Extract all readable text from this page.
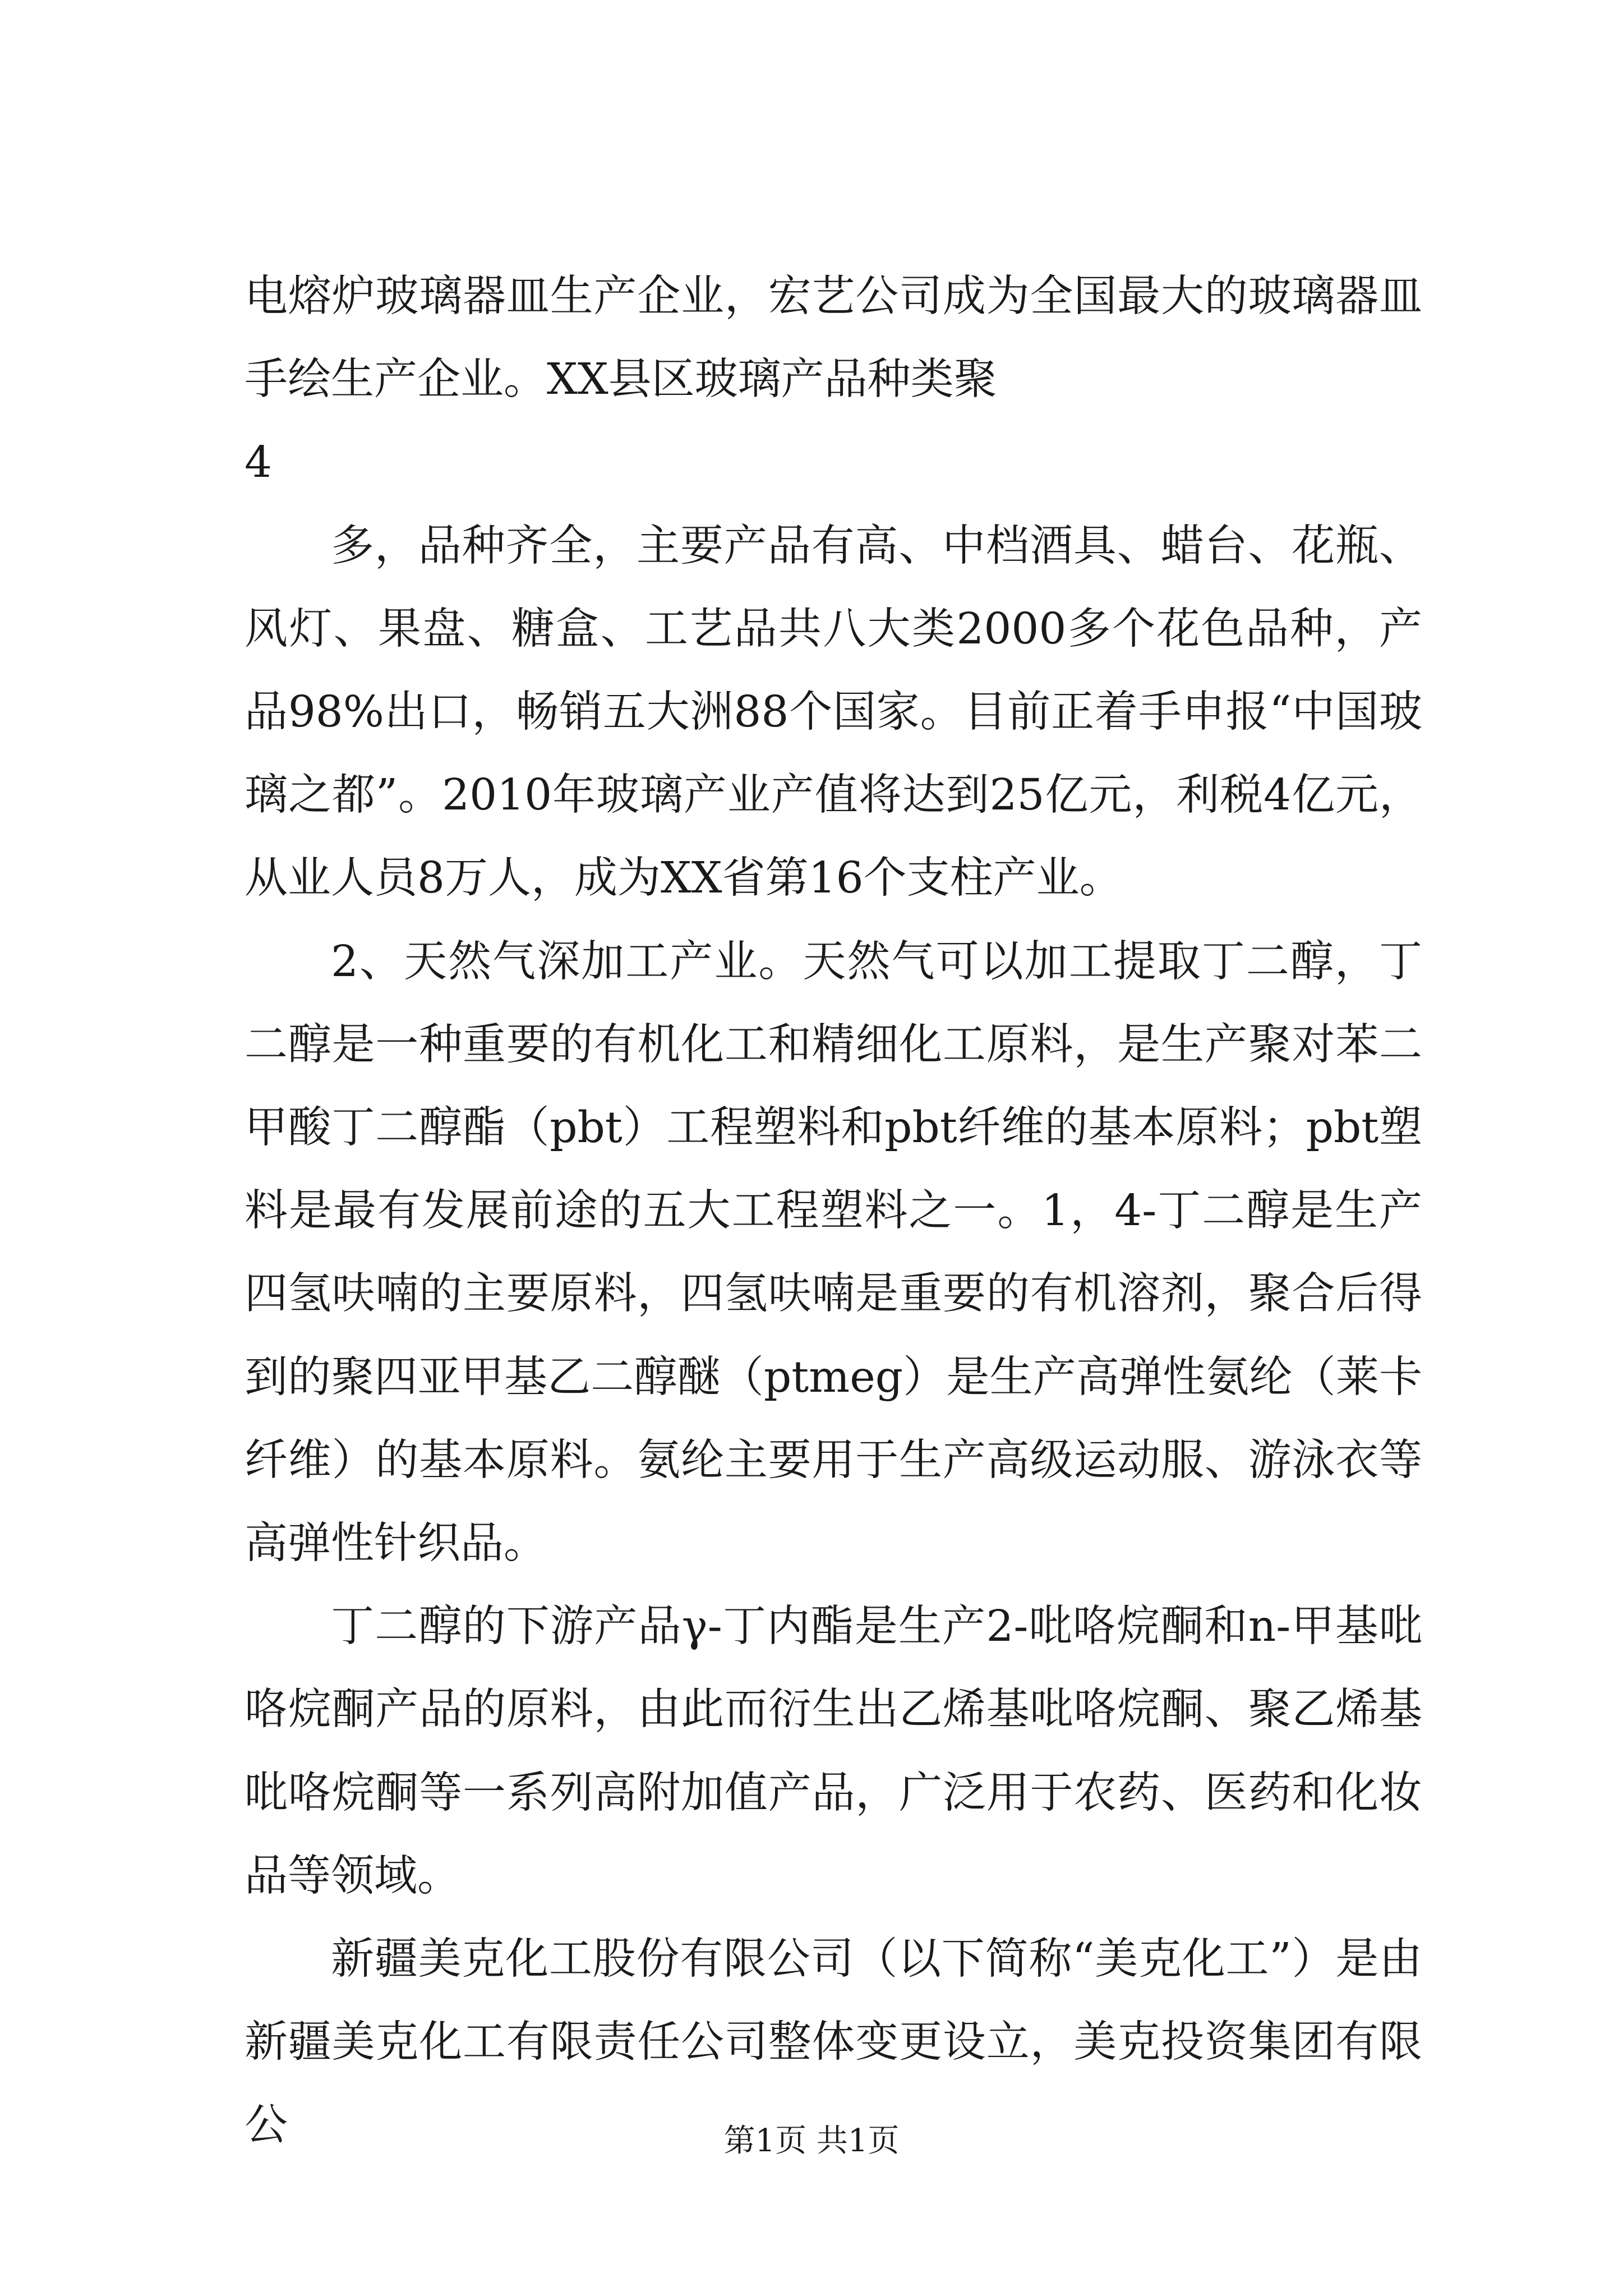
电熔炉玻璃器皿生产企业，宏艺公司成为全国最大的玻璃器皿手绘生产企业。XX县区玻璃产品种类聚

4

多，品种齐全，主要产品有高、中档酒具、蜡台、花瓶、风灯、果盘、糖盒、工艺品共八大类2000多个花色品种，产品98%出口，畅销五大洲88个国家。目前正着手申报“中国玻璃之都”。2010年玻璃产业产值将达到25亿元，利税4亿元，从业人员8万人，成为XX省第16个支柱产业。

2、天然气深加工产业。天然气可以加工提取丁二醇，丁二醇是一种重要的有机化工和精细化工原料，是生产聚对苯二甲酸丁二醇酯（pbt）工程塑料和pbt纤维的基本原料；pbt塑料是最有发展前途的五大工程塑料之一。1，4-丁二醇是生产四氢呋喃的主要原料，四氢呋喃是重要的有机溶剂，聚合后得到的聚四亚甲基乙二醇醚（ptmeg）是生产高弹性氨纶（莱卡纤维）的基本原料。氨纶主要用于生产高级运动服、游泳衣等高弹性针织品。

丁二醇的下游产品γ-丁内酯是生产2-吡咯烷酮和n-甲基吡咯烷酮产品的原料，由此而衍生出乙烯基吡咯烷酮、聚乙烯基吡咯烷酮等一系列高附加值产品，广泛用于农药、医药和化妆品等领域。

新疆美克化工股份有限公司（以下简称“美克化工”）是由新疆美克化工有限责任公司整体变更设立，美克投资集团有限公	第1页 共1页
